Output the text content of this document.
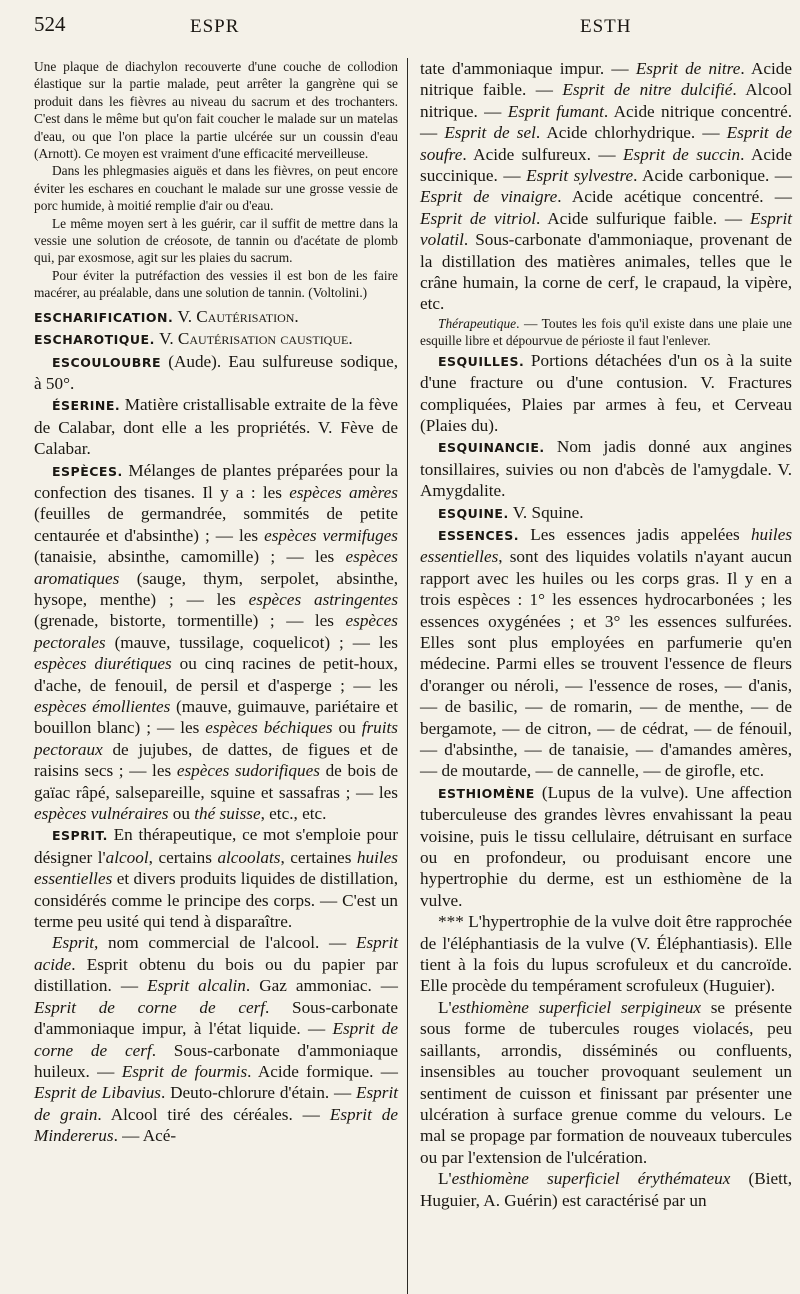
524	ESPR	ESTH

Une plaque de diachylon recouverte d'une couche de collodion élastique sur la partie malade, peut arrêter la gangrène qui se produit dans les fièvres au niveau du sacrum et des trochanters. C'est dans le même but qu'on fait coucher le malade sur un matelas d'eau, ou que l'on place la partie ulcérée sur un coussin d'eau (Arnott). Ce moyen est vraiment d'une efficacité merveilleuse.

Dans les phlegmasies aiguës et dans les fièvres, on peut encore éviter les eschares en couchant le malade sur une grosse vessie de porc humide, à moitié remplie d'air ou d'eau.

Le même moyen sert à les guérir, car il suffit de mettre dans la vessie une solution de créosote, de tannin ou d'acétate de plomb qui, par exosmose, agit sur les plaies du sacrum.

Pour éviter la putréfaction des vessies il est bon de les faire macérer, au préalable, dans une solution de tannin. (Voltolini.)

ESCHARIFICATION. V. Cautérisation.

ESCHAROTIQUE. V. Cautérisation caustique.

ESCOULOUBRE (Aude). Eau sulfureuse sodique, à 50°.

ÉSERINE. Matière cristallisable extraite de la fève de Calabar, dont elle a les propriétés. V. Fève de Calabar.

ESPÈCES. Mélanges de plantes préparées pour la confection des tisanes. Il y a : les espèces amères (feuilles de germandrée, sommités de petite centaurée et d'absinthe) ; — les espèces vermifuges (tanaisie, absinthe, camomille) ; — les espèces aromatiques (sauge, thym, serpolet, absinthe, hysope, menthe) ; — les espèces astringentes (grenade, bistorte, tormentille) ; — les espèces pectorales (mauve, tussilage, coquelicot) ; — les espèces diurétiques ou cinq racines de petit-houx, d'ache, de fenouil, de persil et d'asperge ; — les espèces émollientes (mauve, guimauve, pariétaire et bouillon blanc) ; — les espèces béchiques ou fruits pectoraux de jujubes, de dattes, de figues et de raisins secs ; — les espèces sudorifiques de bois de gaïac râpé, salsepareille, squine et sassafras ; — les espèces vulnéraires ou thé suisse, etc., etc.

ESPRIT. En thérapeutique, ce mot s'emploie pour désigner l'alcool, certains alcoolats, certaines huiles essentielles et divers produits liquides de distillation, considérés comme le principe des corps. — C'est un terme peu usité qui tend à disparaître.

Esprit, nom commercial de l'alcool. — Esprit acide. Esprit obtenu du bois ou du papier par distillation. — Esprit alcalin. Gaz ammoniac. — Esprit de corne de cerf. Sous-carbonate d'ammoniaque impur, à l'état liquide. — Esprit de corne de cerf. Sous-carbonate d'ammoniaque huileux. — Esprit de fourmis. Acide formique. — Esprit de Libavius. Deuto-chlorure d'étain. — Esprit de grain. Alcool tiré des céréales. — Esprit de Mindererus. — Acé-

tate d'ammoniaque impur. — Esprit de nitre. Acide nitrique faible. — Esprit de nitre dulcifié. Alcool nitrique. — Esprit fumant. Acide nitrique concentré. — Esprit de sel. Acide chlorhydrique. — Esprit de soufre. Acide sulfureux. — Esprit de succin. Acide succinique. — Esprit sylvestre. Acide carbonique. — Esprit de vinaigre. Acide acétique concentré. — Esprit de vitriol. Acide sulfurique faible. — Esprit volatil. Sous-carbonate d'ammoniaque, provenant de la distillation des matières animales, telles que le crâne humain, la corne de cerf, le crapaud, la vipère, etc.

Thérapeutique. — Toutes les fois qu'il existe dans une plaie une esquille libre et dépourvue de périoste il faut l'enlever.

ESQUILLES. Portions détachées d'un os à la suite d'une fracture ou d'une contusion. V. Fractures compliquées, Plaies par armes à feu, et Cerveau (Plaies du).

ESQUINANCIE. Nom jadis donné aux angines tonsillaires, suivies ou non d'abcès de l'amygdale. V. Amygdalite.

ESQUINE. V. Squine.

ESSENCES. Les essences jadis appelées huiles essentielles, sont des liquides volatils n'ayant aucun rapport avec les huiles ou les corps gras. Il y en a trois espèces : 1° les essences hydrocarbonées ; les essences oxygénées ; et 3° les essences sulfurées. Elles sont plus employées en parfumerie qu'en médecine. Parmi elles se trouvent l'essence de fleurs d'oranger ou néroli, — l'essence de roses, — d'anis, — de basilic, — de romarin, — de menthe, — de bergamote, — de citron, — de cédrat, — de fénouil, — d'absinthe, — de tanaisie, — d'amandes amères, — de moutarde, — de cannelle, — de girofle, etc.

ESTHIOMÈNE (Lupus de la vulve). Une affection tuberculeuse des grandes lèvres envahissant la peau voisine, puis le tissu cellulaire, détruisant en surface ou en profondeur, ou produisant encore une hypertrophie du derme, est un esthiomène de la vulve.

*** L'hypertrophie de la vulve doit être rapprochée de l'éléphantiasis de la vulve (V. Éléphantiasis). Elle tient à la fois du lupus scrofuleux et du cancroïde. Elle procède du tempérament scrofuleux (Huguier).

L'esthiomène superficiel serpigineux se présente sous forme de tubercules rouges violacés, peu saillants, arrondis, disséminés ou confluents, insensibles au toucher provoquant seulement un sentiment de cuisson et finissant par présenter une ulcération à surface grenue comme du velours. Le mal se propage par formation de nouveaux tubercules ou par l'extension de l'ulcération.

L'esthiomène superficiel érythémateux (Biett, Huguier, A. Guérin) est caractérisé par un
